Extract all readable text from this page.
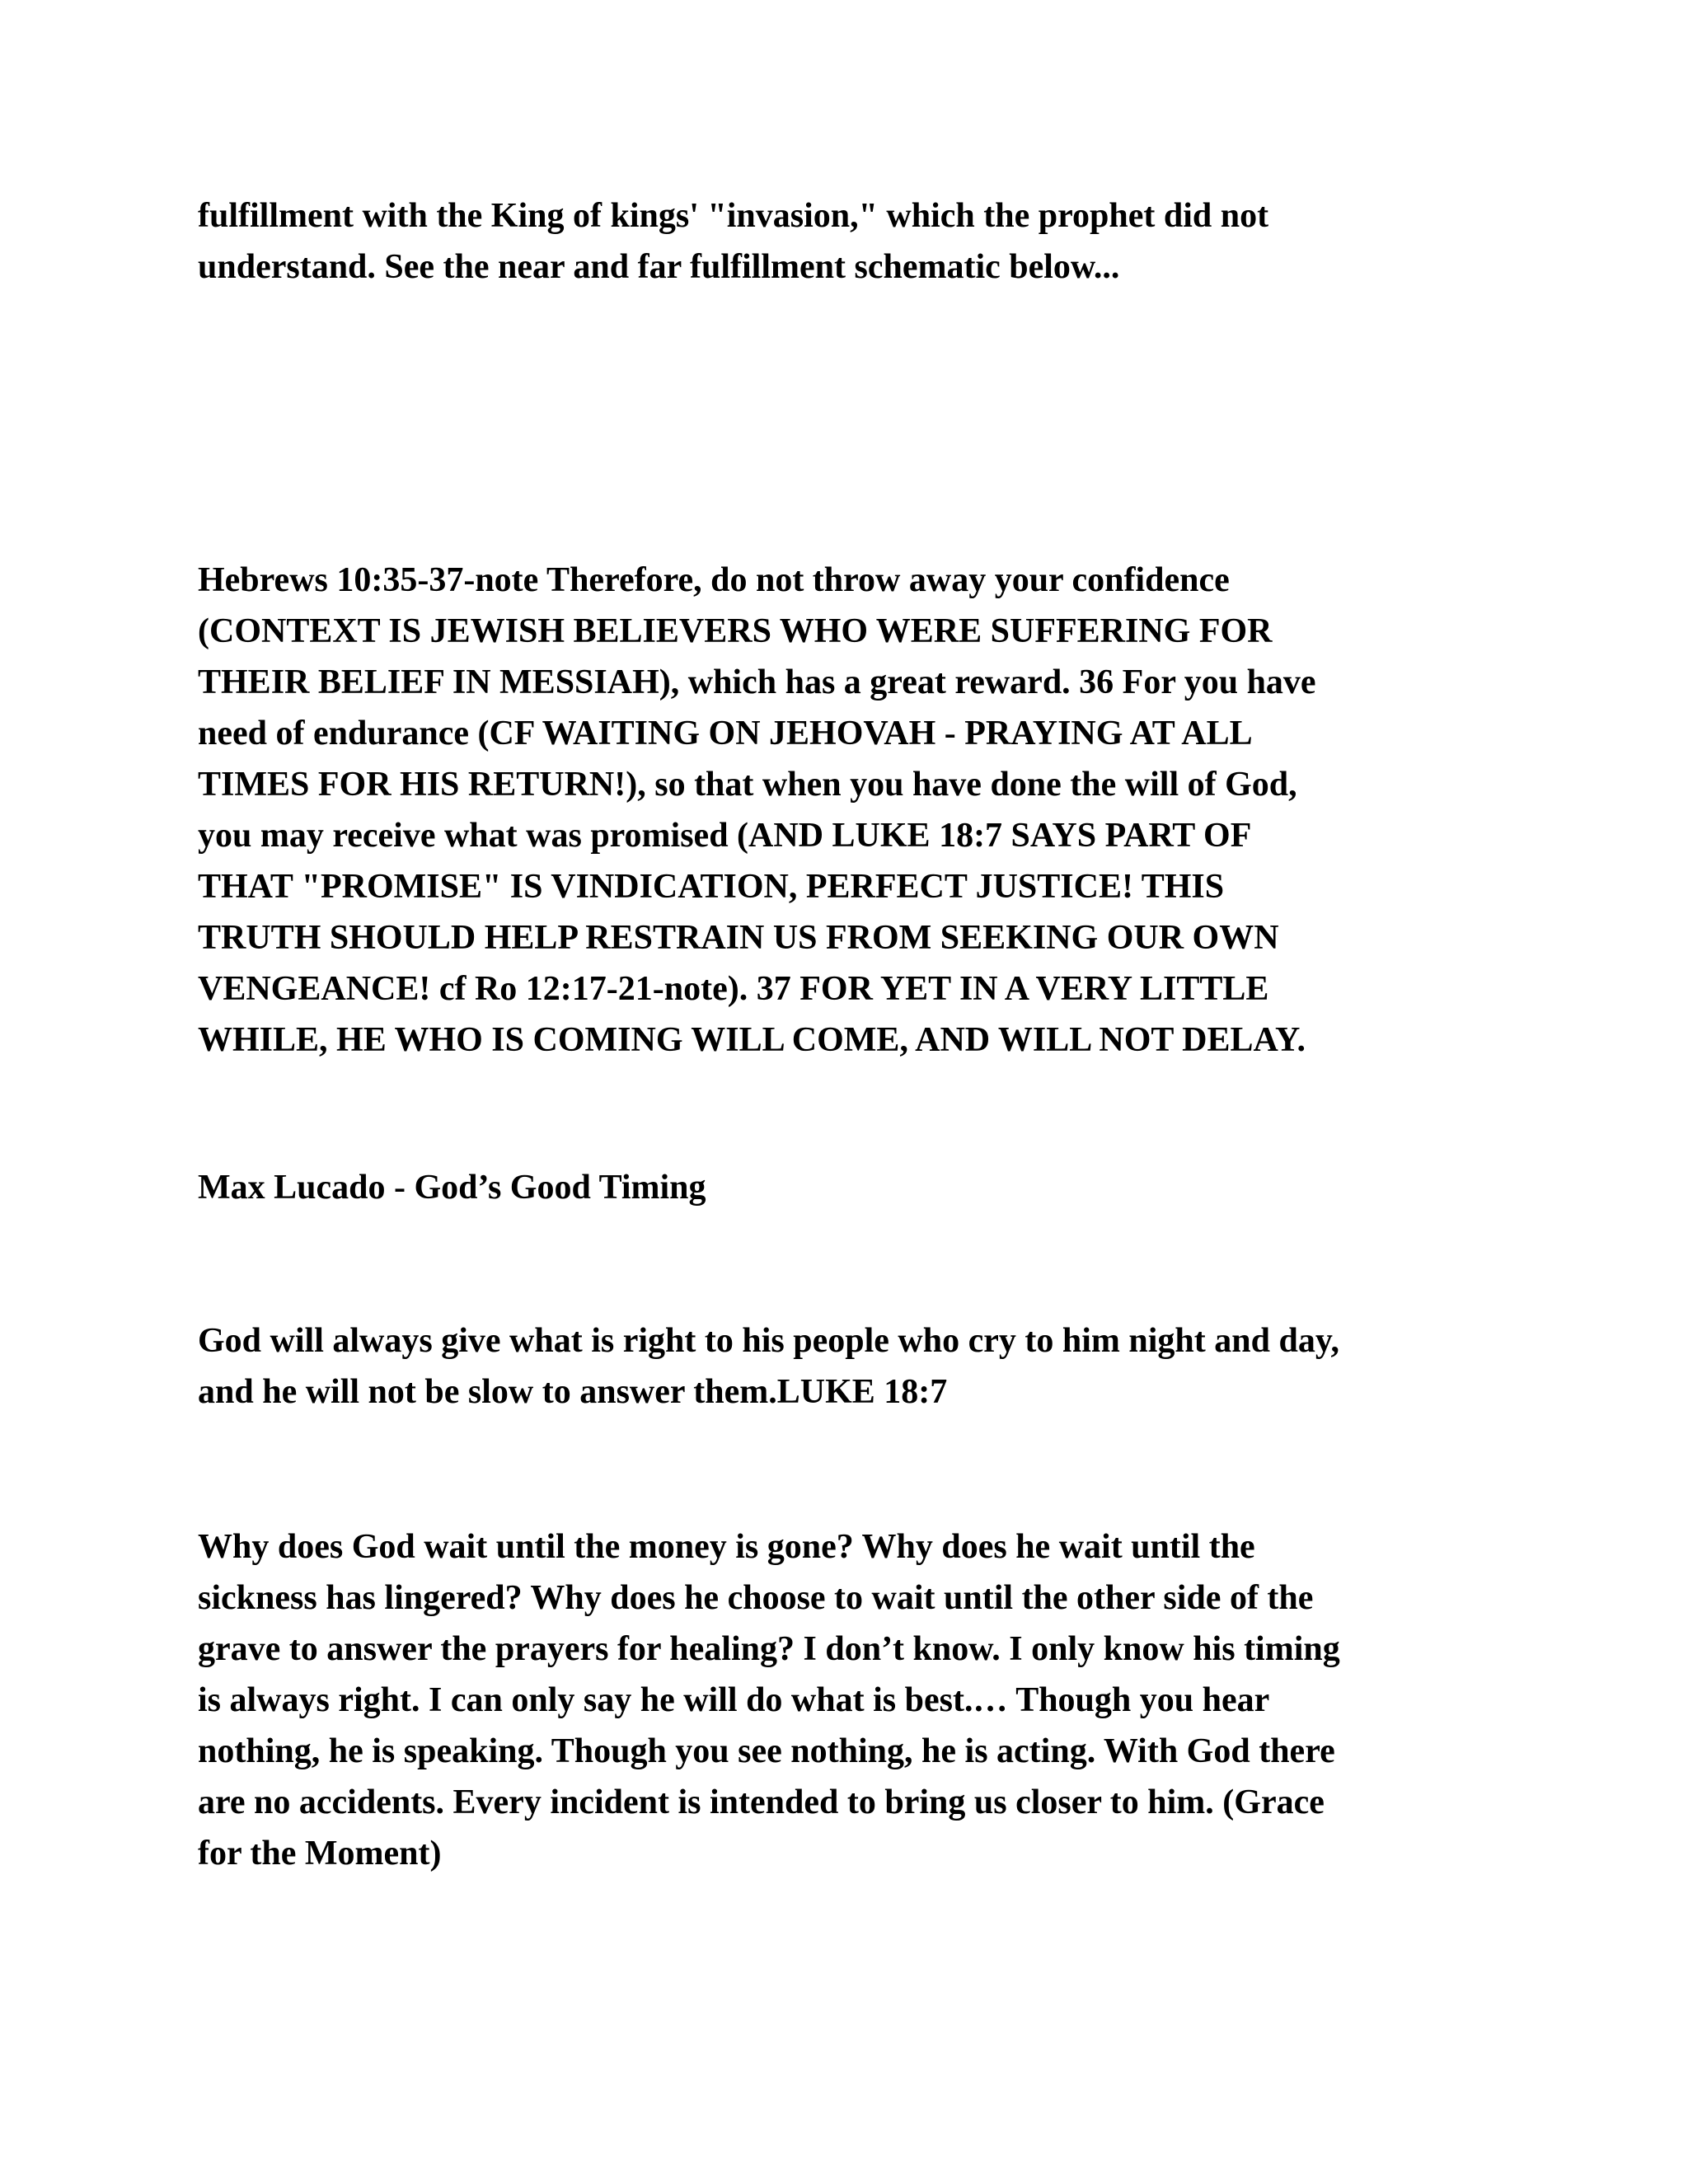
fulfillment with the King of kings' "invasion," which the prophet did not
understand. See the near and far fulfillment schematic below...

Hebrews 10:35-37-note Therefore, do not throw away your confidence
(CONTEXT IS JEWISH BELIEVERS WHO WERE SUFFERING FOR
THEIR BELIEF IN MESSIAH), which has a great reward. 36 For you have
need of endurance (CF WAITING ON JEHOVAH - PRAYING AT ALL
TIMES FOR HIS RETURN!), so that when you have done the will of God,
you may receive what was promised (AND LUKE 18:7 SAYS PART OF
THAT "PROMISE" IS VINDICATION, PERFECT JUSTICE! THIS
TRUTH SHOULD HELP RESTRAIN US FROM SEEKING OUR OWN
VENGEANCE! cf Ro 12:17-21-note). 37 FOR YET IN A VERY LITTLE
WHILE, HE WHO IS COMING WILL COME, AND WILL NOT DELAY.

Max Lucado - God’s Good Timing

God will always give what is right to his people who cry to him night and day,
and he will not be slow to answer them.LUKE 18:7

Why does God wait until the money is gone? Why does he wait until the
sickness has lingered? Why does he choose to wait until the other side of the
grave to answer the prayers for healing? I don’t know. I only know his timing
is always right. I can only say he will do what is best.… Though you hear
nothing, he is speaking. Though you see nothing, he is acting. With God there
are no accidents. Every incident is intended to bring us closer to him. (Grace
for the Moment)
